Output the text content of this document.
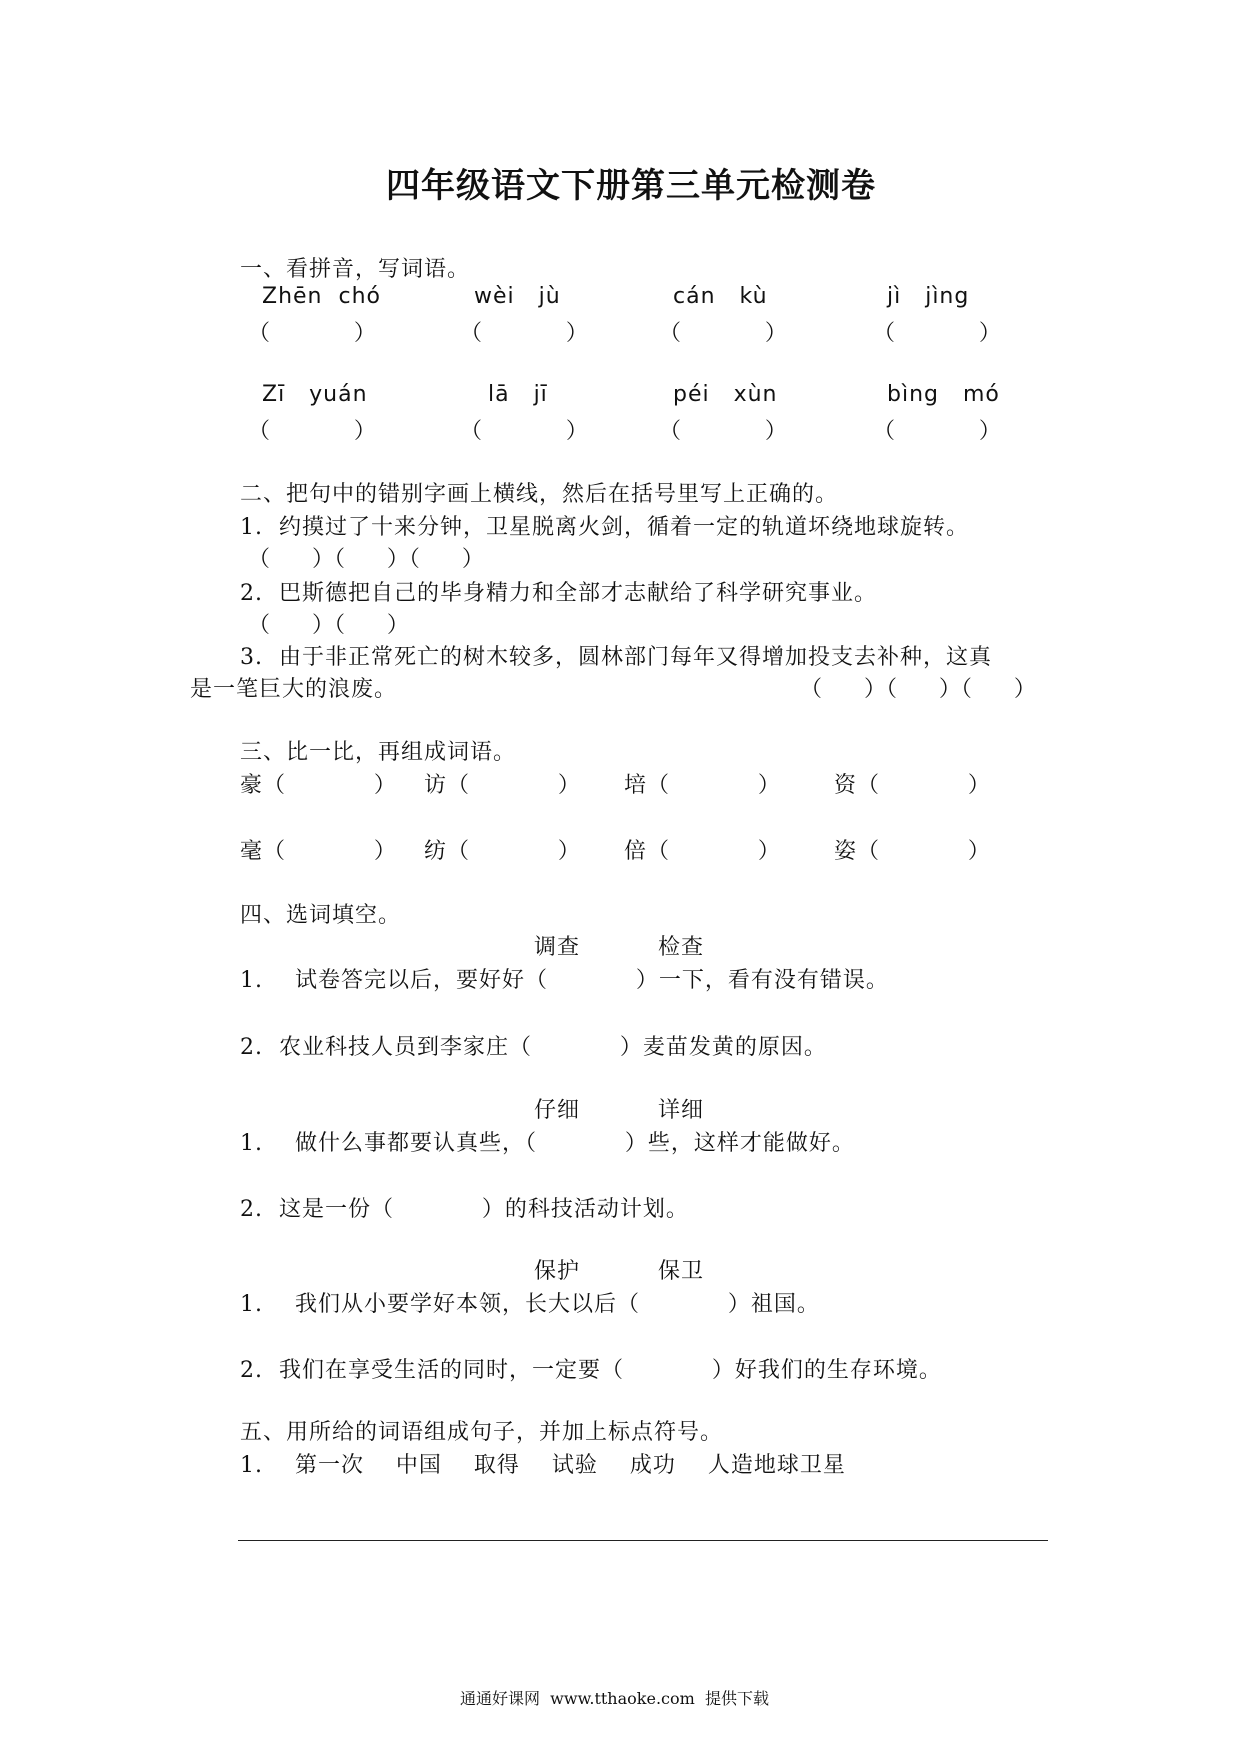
四年级语文下册第三单元检测卷
一、看拼音，写词语。
Zhēn  chó	wèi   jù	cán   kù	jì   jìng
（            ）	（            ）	（            ）	（            ）
Zī   yuán	lā   jī	péi   xùn	bìng   mó
（            ）	（            ）	（            ）	（            ）
二、把句中的错别字画上横线，然后在括号里写上正确的。
1.  约摸过了十来分钟，卫星脱离火剑，循着一定的轨道坏绕地球旋转。
（      ）（      ）（      ）
2.  巴斯德把自己的毕身精力和全部才志献给了科学研究事业。
（      ）（      ）
3.  由于非正常死亡的树木较多，圆林部门每年又得增加投支去补种，这真
是一笔巨大的浪废。	（      ）（      ）（      ）
三、比一比，再组成词语。
豪（           ） 访（           ） 培（           ） 资（           ）
毫（           ） 纺（           ） 倍（           ） 姿（           ）
四、选词填空。
调查	检查
1.    试卷答完以后，要好好（           ）一下，看有没有错误。
2.  农业科技人员到李家庄（           ）麦苗发黄的原因。
仔细	详细
1.    做什么事都要认真些，（           ）些，这样才能做好。
2.  这是一份（           ）的科技活动计划。
保护	保卫
1.    我们从小要学好本领，长大以后（           ）祖国。
2.  我们在享受生活的同时，一定要（           ）好我们的生存环境。
五、用所给的词语组成句子，并加上标点符号。
1.    第一次    中国    取得    试验    成功    人造地球卫星
通通好课网  www.tthaoke.com  提供下载
